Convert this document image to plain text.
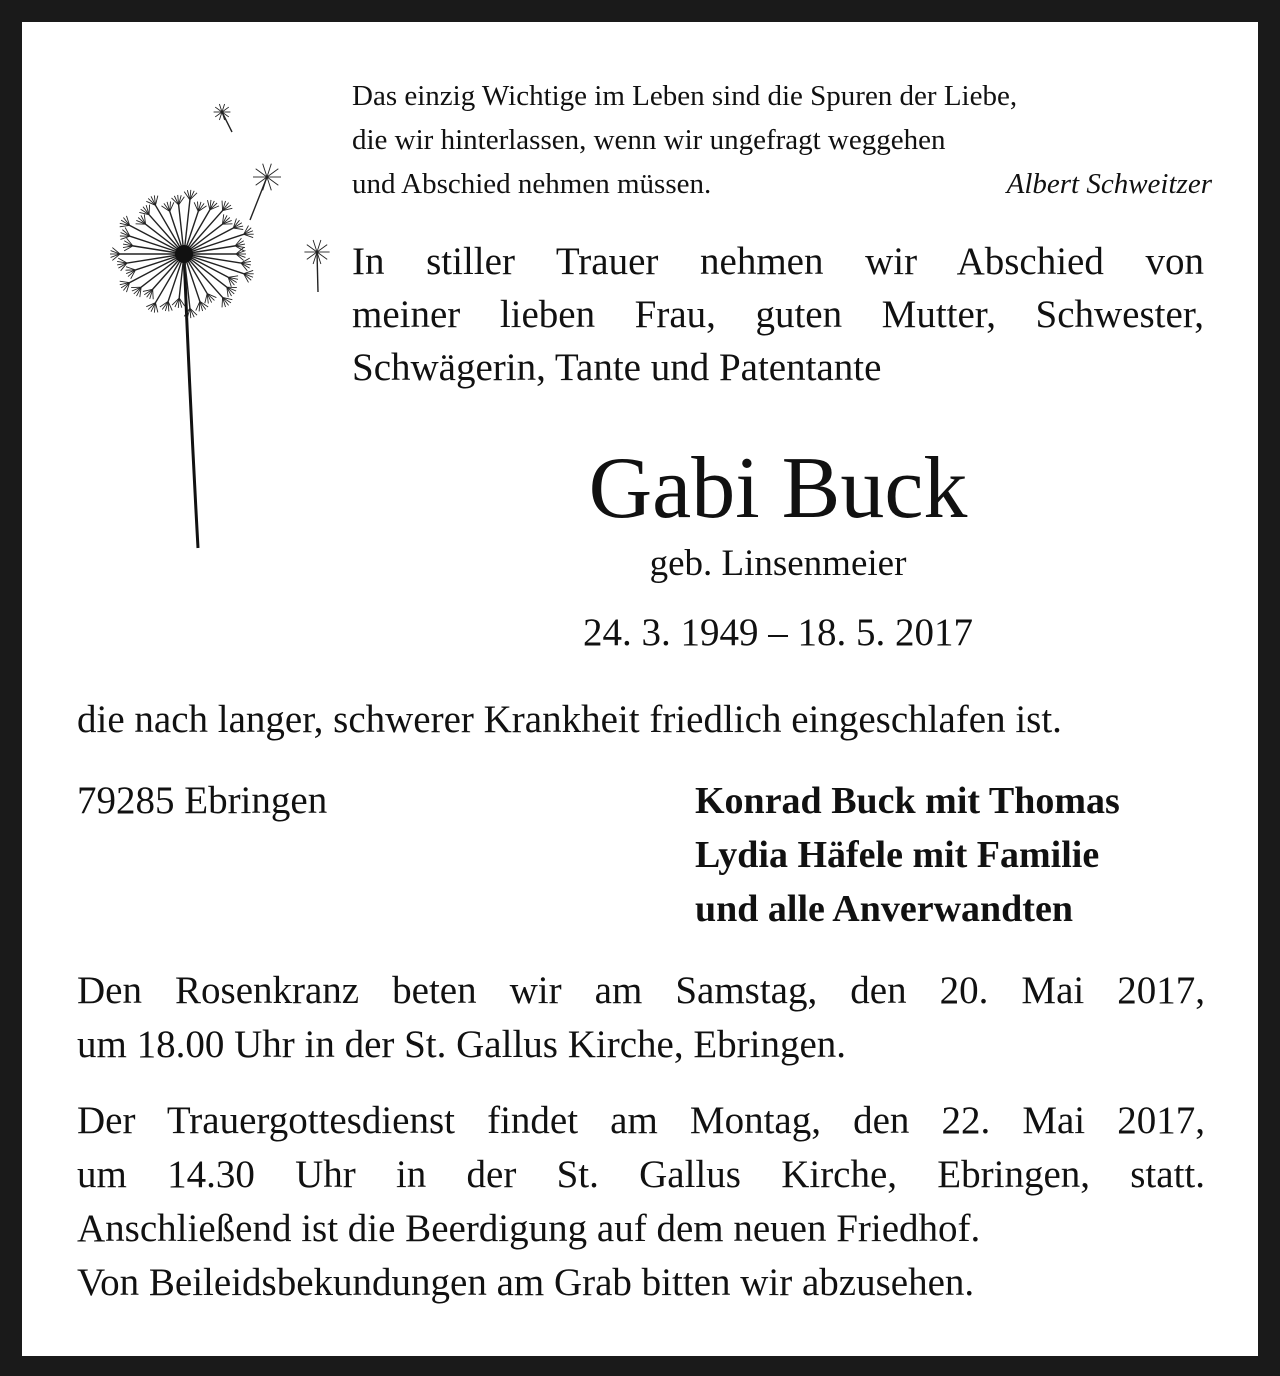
Das einzig Wichtige im Leben sind die Spuren der Liebe,
die wir hinterlassen, wenn wir ungefragt weggehen
und Abschied nehmen müssen.	Albert Schweitzer
In stiller Trauer nehmen wir Abschied von
meiner lieben Frau, guten Mutter, Schwester,
Schwägerin, Tante und Patentante
Gabi Buck
geb. Linsenmeier
24. 3. 1949 – 18. 5. 2017
die nach langer, schwerer Krankheit friedlich eingeschlafen ist.
79285 Ebringen	Konrad Buck mit Thomas
Lydia Häfele mit Familie
und alle Anverwandten
Den Rosenkranz beten wir am Samstag, den 20. Mai 2017,
um 18.00 Uhr in der St. Gallus Kirche, Ebringen.
Der Trauergottesdienst findet am Montag, den 22. Mai 2017,
um 14.30 Uhr in der St. Gallus Kirche, Ebringen, statt.
Anschließend ist die Beerdigung auf dem neuen Friedhof.
Von Beileidsbekundungen am Grab bitten wir abzusehen.
